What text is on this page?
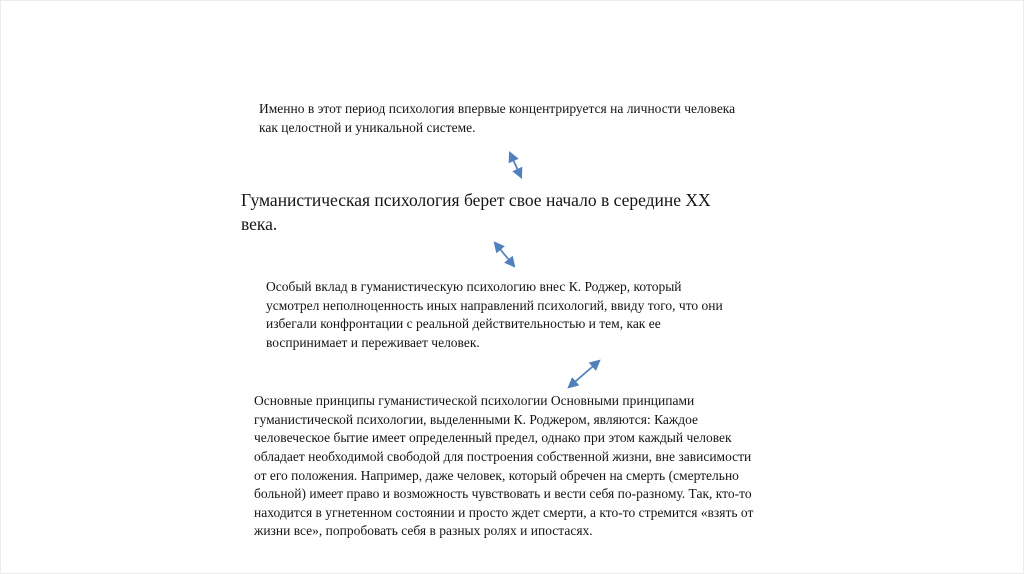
Именно в этот период психология впервые концентрируется на личности человека как целостной и уникальной системе.
Гуманистическая психология берет свое начало в середине XX века.
Особый вклад в гуманистическую психологию внес К. Роджер, который усмотрел неполноценность иных направлений психологий, ввиду того, что они избегали конфронтации с реальной действительностью и тем, как ее воспринимает и переживает человек.
Основные принципы гуманистической психологии Основными принципами гуманистической психологии, выделенными К. Роджером, являются: Каждое человеческое бытие имеет определенный предел, однако при этом каждый человек обладает необходимой свободой для построения собственной жизни, вне зависимости от его положения. Например, даже человек, который обречен на смерть (смертельно больной) имеет право и возможность чувствовать и вести себя по-разному. Так, кто-то находится в угнетенном состоянии и просто ждет смерти, а кто-то стремится «взять от жизни все», попробовать себя в разных ролях и ипостасях.
